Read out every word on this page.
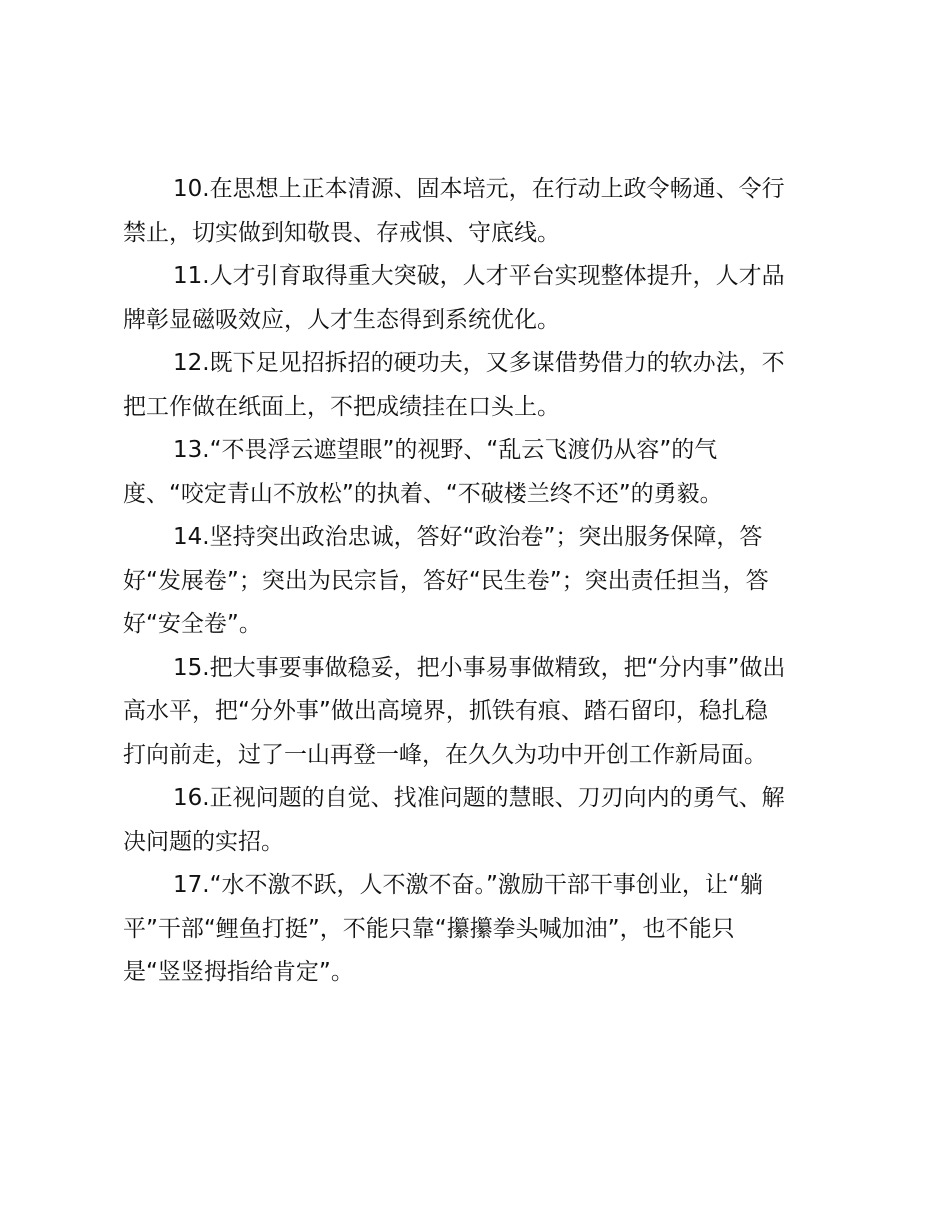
10.在思想上正本清源、固本培元，在行动上政令畅通、令行
禁止，切实做到知敬畏、存戒惧、守底线。

11.人才引育取得重大突破，人才平台实现整体提升，人才品
牌彰显磁吸效应，人才生态得到系统优化。

12.既下足见招拆招的硬功夫，又多谋借势借力的软办法，不
把工作做在纸面上，不把成绩挂在口头上。

13.“不畏浮云遮望眼”的视野、“乱云飞渡仍从容”的气
度、“咬定青山不放松”的执着、“不破楼兰终不还”的勇毅。

14.坚持突出政治忠诚，答好“政治卷”；突出服务保障，答
好“发展卷”；突出为民宗旨，答好“民生卷”；突出责任担当，答
好“安全卷”。

15.把大事要事做稳妥，把小事易事做精致，把“分内事”做出
高水平，把“分外事”做出高境界，抓铁有痕、踏石留印，稳扎稳
打向前走，过了一山再登一峰，在久久为功中开创工作新局面。

16.正视问题的自觉、找准问题的慧眼、刀刃向内的勇气、解
决问题的实招。

17.“水不激不跃，人不激不奋。”激励干部干事创业，让“躺
平”干部“鲤鱼打挺”，不能只靠“攥攥拳头喊加油”，也不能只
是“竖竖拇指给肯定”。
